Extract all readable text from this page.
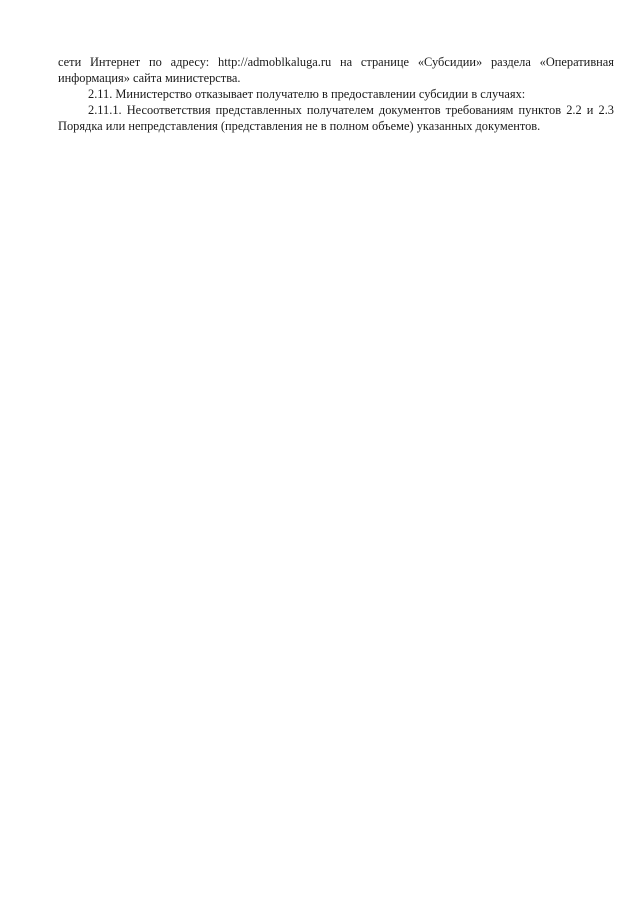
сети Интернет по адресу: http://admoblkaluga.ru на странице «Субсидии» раздела «Оперативная информация» сайта министерства.

2.11. Министерство отказывает получателю в предоставлении субсидии в случаях:

2.11.1. Несоответствия представленных получателем документов требованиям пунктов 2.2 и 2.3 Порядка или непредставления (представления не в полном объеме) указанных документов.
